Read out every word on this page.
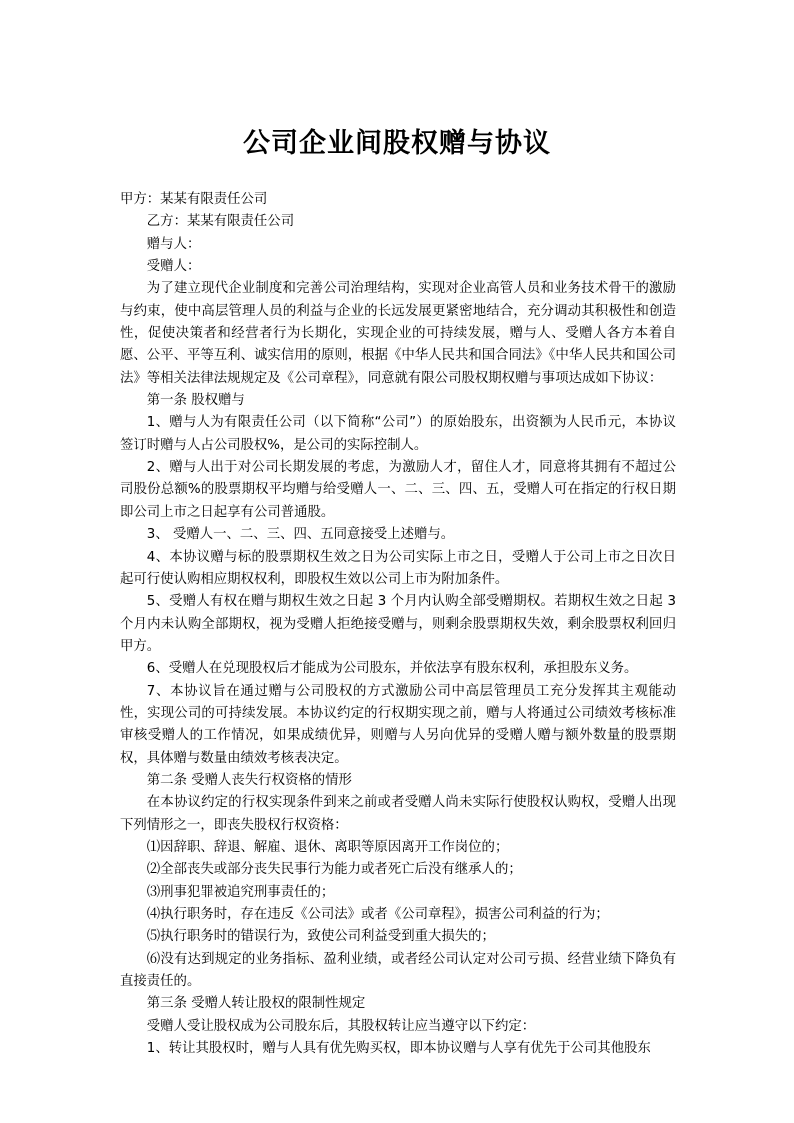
公司企业间股权赠与协议

甲方：某某有限责任公司

乙方：某某有限责任公司

赠与人：

受赠人：

为了建立现代企业制度和完善公司治理结构，实现对企业高管人员和业务技术骨干的激励与约束，使中高层管理人员的利益与企业的长远发展更紧密地结合，充分调动其积极性和创造性，促使决策者和经营者行为长期化，实现企业的可持续发展，赠与人、受赠人各方本着自愿、公平、平等互利、诚实信用的原则，根据《中华人民共和国合同法》《中华人民共和国公司法》等相关法律法规规定及《公司章程》，同意就有限公司股权期权赠与事项达成如下协议：

第一条 股权赠与

1、赠与人为有限责任公司（以下简称“公司”）的原始股东，出资额为人民币元，本协议签订时赠与人占公司股权%，是公司的实际控制人。

2、赠与人出于对公司长期发展的考虑，为激励人才，留住人才，同意将其拥有不超过公司股份总额%的股票期权平均赠与给受赠人一、二、三、四、五，受赠人可在指定的行权日期即公司上市之日起享有公司普通股。

3、 受赠人一、二、三、四、五同意接受上述赠与。

4、本协议赠与标的股票期权生效之日为公司实际上市之日，受赠人于公司上市之日次日起可行使认购相应期权权利，即股权生效以公司上市为附加条件。

5、受赠人有权在赠与期权生效之日起 3 个月内认购全部受赠期权。若期权生效之日起 3 个月内未认购全部期权，视为受赠人拒绝接受赠与，则剩余股票期权失效，剩余股票权利回归甲方。

6、受赠人在兑现股权后才能成为公司股东，并依法享有股东权利，承担股东义务。

7、本协议旨在通过赠与公司股权的方式激励公司中高层管理员工充分发挥其主观能动性，实现公司的可持续发展。本协议约定的行权期实现之前，赠与人将通过公司绩效考核标准审核受赠人的工作情况，如果成绩优异，则赠与人另向优异的受赠人赠与额外数量的股票期权，具体赠与数量由绩效考核表决定。

第二条 受赠人丧失行权资格的情形

在本协议约定的行权实现条件到来之前或者受赠人尚未实际行使股权认购权，受赠人出现下列情形之一，即丧失股权行权资格：

⑴因辞职、辞退、解雇、退休、离职等原因离开工作岗位的；

⑵全部丧失或部分丧失民事行为能力或者死亡后没有继承人的；

⑶刑事犯罪被追究刑事责任的；

⑷执行职务时，存在违反《公司法》或者《公司章程》，损害公司利益的行为；

⑸执行职务时的错误行为，致使公司利益受到重大损失的；

⑹没有达到规定的业务指标、盈利业绩，或者经公司认定对公司亏损、经营业绩下降负有直接责任的。

第三条 受赠人转让股权的限制性规定

受赠人受让股权成为公司股东后，其股权转让应当遵守以下约定：

1、转让其股权时，赠与人具有优先购买权，即本协议赠与人享有优先于公司其他股东
